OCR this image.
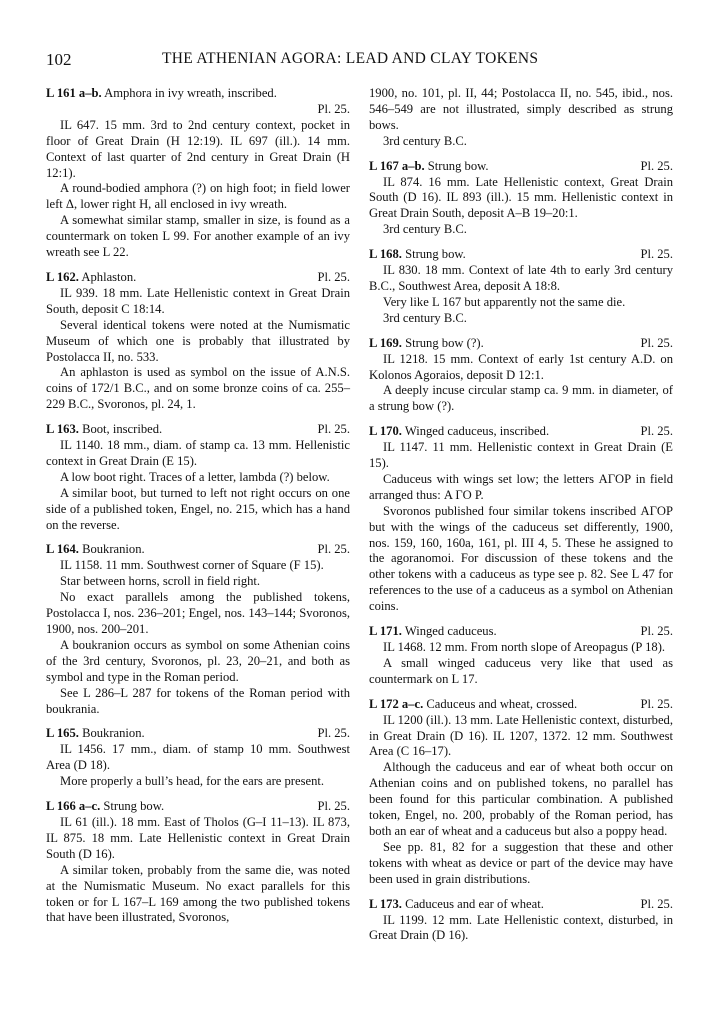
102	THE ATHENIAN AGORA: LEAD AND CLAY TOKENS
L 161 a–b. Amphora in ivy wreath, inscribed.
Pl. 25.

IL 647. 15 mm. 3rd to 2nd century context, pocket in floor of Great Drain (H 12:19). IL 697 (ill.). 14 mm. Context of last quarter of 2nd century in Great Drain (H 12:1).

A round-bodied amphora (?) on high foot; in field lower left Δ, lower right H, all enclosed in ivy wreath.

A somewhat similar stamp, smaller in size, is found as a countermark on token L 99. For another example of an ivy wreath see L 22.

L 162. Aphlaston.	Pl. 25.

IL 939. 18 mm. Late Hellenistic context in Great Drain South, deposit C 18:14.

Several identical tokens were noted at the Numismatic Museum of which one is probably that illustrated by Postolacca II, no. 533.

An aphlaston is used as symbol on the issue of A.N.S. coins of 172/1 B.C., and on some bronze coins of ca. 255–229 B.C., Svoronos, pl. 24, 1.

L 163. Boot, inscribed.	Pl. 25.

IL 1140. 18 mm., diam. of stamp ca. 13 mm. Hellenistic context in Great Drain (E 15).

A low boot right. Traces of a letter, lambda (?) below.

A similar boot, but turned to left not right occurs on one side of a published token, Engel, no. 215, which has a hand on the reverse.

L 164. Boukranion.	Pl. 25.

IL 1158. 11 mm. Southwest corner of Square (F 15).

Star between horns, scroll in field right.

No exact parallels among the published tokens, Postolacca I, nos. 236–201; Engel, nos. 143–144; Svoronos, 1900, nos. 200–201.

A boukranion occurs as symbol on some Athenian coins of the 3rd century, Svoronos, pl. 23, 20–21, and both as symbol and type in the Roman period.

See L 286–L 287 for tokens of the Roman period with boukrania.

L 165. Boukranion.	Pl. 25.

IL 1456. 17 mm., diam. of stamp 10 mm. Southwest Area (D 18).

More properly a bull’s head, for the ears are present.

L 166 a–c. Strung bow.	Pl. 25.

IL 61 (ill.). 18 mm. East of Tholos (G–I 11–13). IL 873, IL 875. 18 mm. Late Hellenistic context in Great Drain South (D 16).

A similar token, probably from the same die, was noted at the Numismatic Museum. No exact parallels for this token or for L 167–L 169 among the two published tokens that have been illustrated, Svoronos,

1900, no. 101, pl. II, 44; Postolacca II, no. 545, ibid., nos. 546–549 are not illustrated, simply described as strung bows.

3rd century B.C.

L 167 a–b. Strung bow.	Pl. 25.

IL 874. 16 mm. Late Hellenistic context, Great Drain South (D 16). IL 893 (ill.). 15 mm. Hellenistic context in Great Drain South, deposit A–B 19–20:1.

3rd century B.C.

L 168. Strung bow.	Pl. 25.

IL 830. 18 mm. Context of late 4th to early 3rd century B.C., Southwest Area, deposit A 18:8.

Very like L 167 but apparently not the same die.

3rd century B.C.

L 169. Strung bow (?).	Pl. 25.

IL 1218. 15 mm. Context of early 1st century A.D. on Kolonos Agoraios, deposit D 12:1.

A deeply incuse circular stamp ca. 9 mm. in diameter, of a strung bow (?).

L 170. Winged caduceus, inscribed.	Pl. 25.

IL 1147. 11 mm. Hellenistic context in Great Drain (E 15).

Caduceus with wings set low; the letters ΑΓΟΡ in field arranged thus: Α ΓΟ Ρ.

Svoronos published four similar tokens inscribed ΑΓΟΡ but with the wings of the caduceus set differently, 1900, nos. 159, 160, 160a, 161, pl. III 4, 5. These he assigned to the agoranomoi. For discussion of these tokens and the other tokens with a caduceus as type see p. 82. See L 47 for references to the use of a caduceus as a symbol on Athenian coins.

L 171. Winged caduceus.	Pl. 25.

IL 1468. 12 mm. From north slope of Areopagus (P 18).

A small winged caduceus very like that used as countermark on L 17.

L 172 a–c. Caduceus and wheat, crossed.	Pl. 25.

IL 1200 (ill.). 13 mm. Late Hellenistic context, disturbed, in Great Drain (D 16). IL 1207, 1372. 12 mm. Southwest Area (C 16–17).

Although the caduceus and ear of wheat both occur on Athenian coins and on published tokens, no parallel has been found for this particular combination. A published token, Engel, no. 200, probably of the Roman period, has both an ear of wheat and a caduceus but also a poppy head.

See pp. 81, 82 for a suggestion that these and other tokens with wheat as device or part of the device may have been used in grain distributions.

L 173. Caduceus and ear of wheat.	Pl. 25.

IL 1199. 12 mm. Late Hellenistic context, disturbed, in Great Drain (D 16).
